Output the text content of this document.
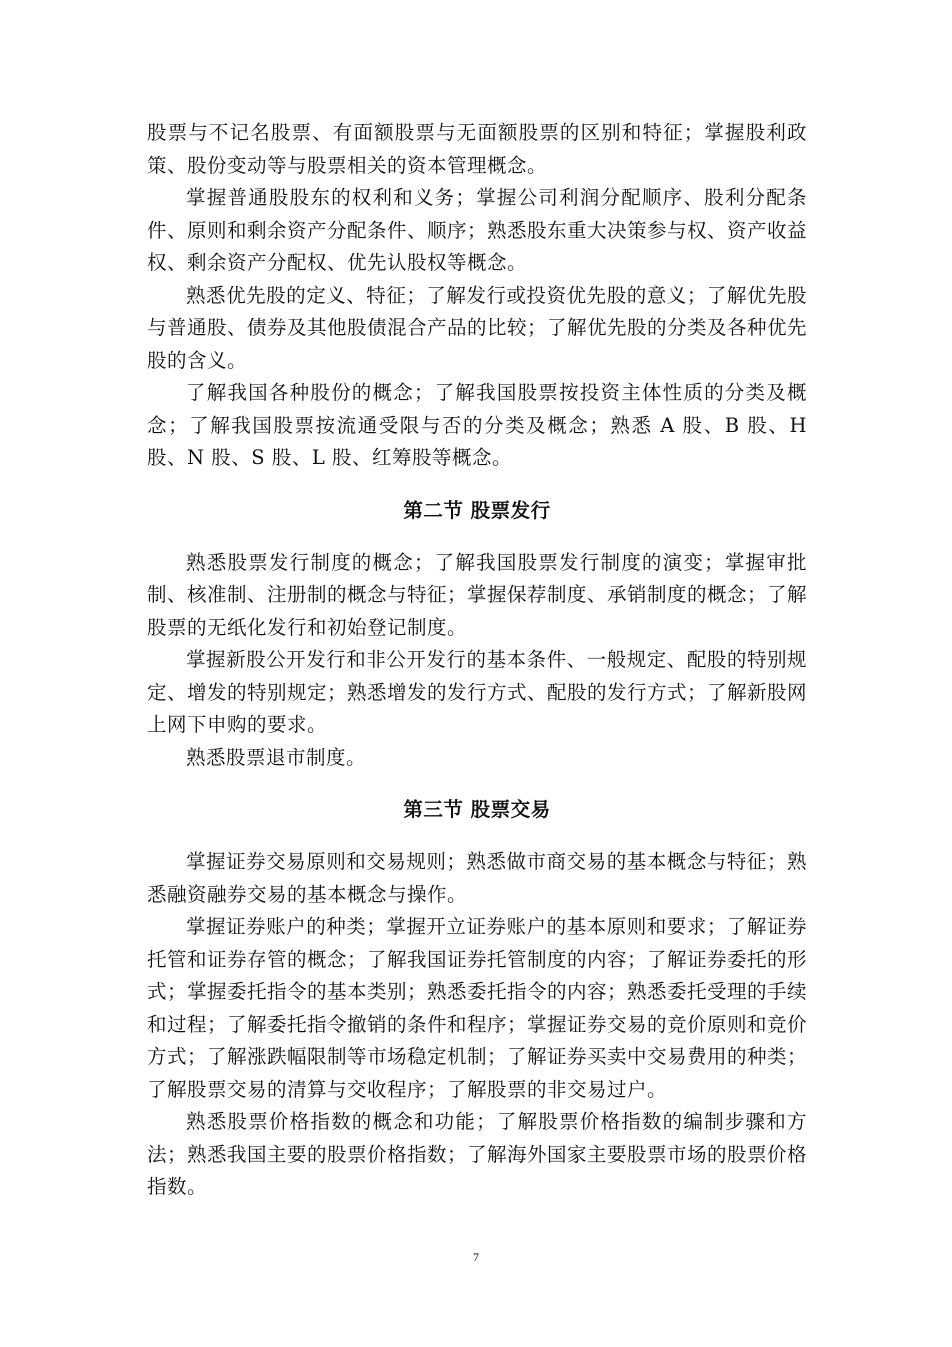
股票与不记名股票、有面额股票与无面额股票的区别和特征；掌握股利政策、股份变动等与股票相关的资本管理概念。

掌握普通股股东的权利和义务；掌握公司利润分配顺序、股利分配条件、原则和剩余资产分配条件、顺序；熟悉股东重大决策参与权、资产收益权、剩余资产分配权、优先认股权等概念。

熟悉优先股的定义、特征；了解发行或投资优先股的意义；了解优先股与普通股、债券及其他股债混合产品的比较；了解优先股的分类及各种优先股的含义。

了解我国各种股份的概念；了解我国股票按投资主体性质的分类及概念；了解我国股票按流通受限与否的分类及概念；熟悉 A 股、B 股、H 股、N 股、S 股、L 股、红筹股等概念。

第二节 股票发行

熟悉股票发行制度的概念；了解我国股票发行制度的演变；掌握审批制、核准制、注册制的概念与特征；掌握保荐制度、承销制度的概念；了解股票的无纸化发行和初始登记制度。

掌握新股公开发行和非公开发行的基本条件、一般规定、配股的特别规定、增发的特别规定；熟悉增发的发行方式、配股的发行方式；了解新股网上网下申购的要求。

熟悉股票退市制度。

第三节 股票交易

掌握证券交易原则和交易规则；熟悉做市商交易的基本概念与特征；熟悉融资融券交易的基本概念与操作。

掌握证券账户的种类；掌握开立证券账户的基本原则和要求；了解证券托管和证券存管的概念；了解我国证券托管制度的内容；了解证券委托的形式；掌握委托指令的基本类别；熟悉委托指令的内容；熟悉委托受理的手续和过程；了解委托指令撤销的条件和程序；掌握证券交易的竞价原则和竞价方式；了解涨跌幅限制等市场稳定机制；了解证券买卖中交易费用的种类；了解股票交易的清算与交收程序；了解股票的非交易过户。

熟悉股票价格指数的概念和功能；了解股票价格指数的编制步骤和方法；熟悉我国主要的股票价格指数；了解海外国家主要股票市场的股票价格指数。

7
